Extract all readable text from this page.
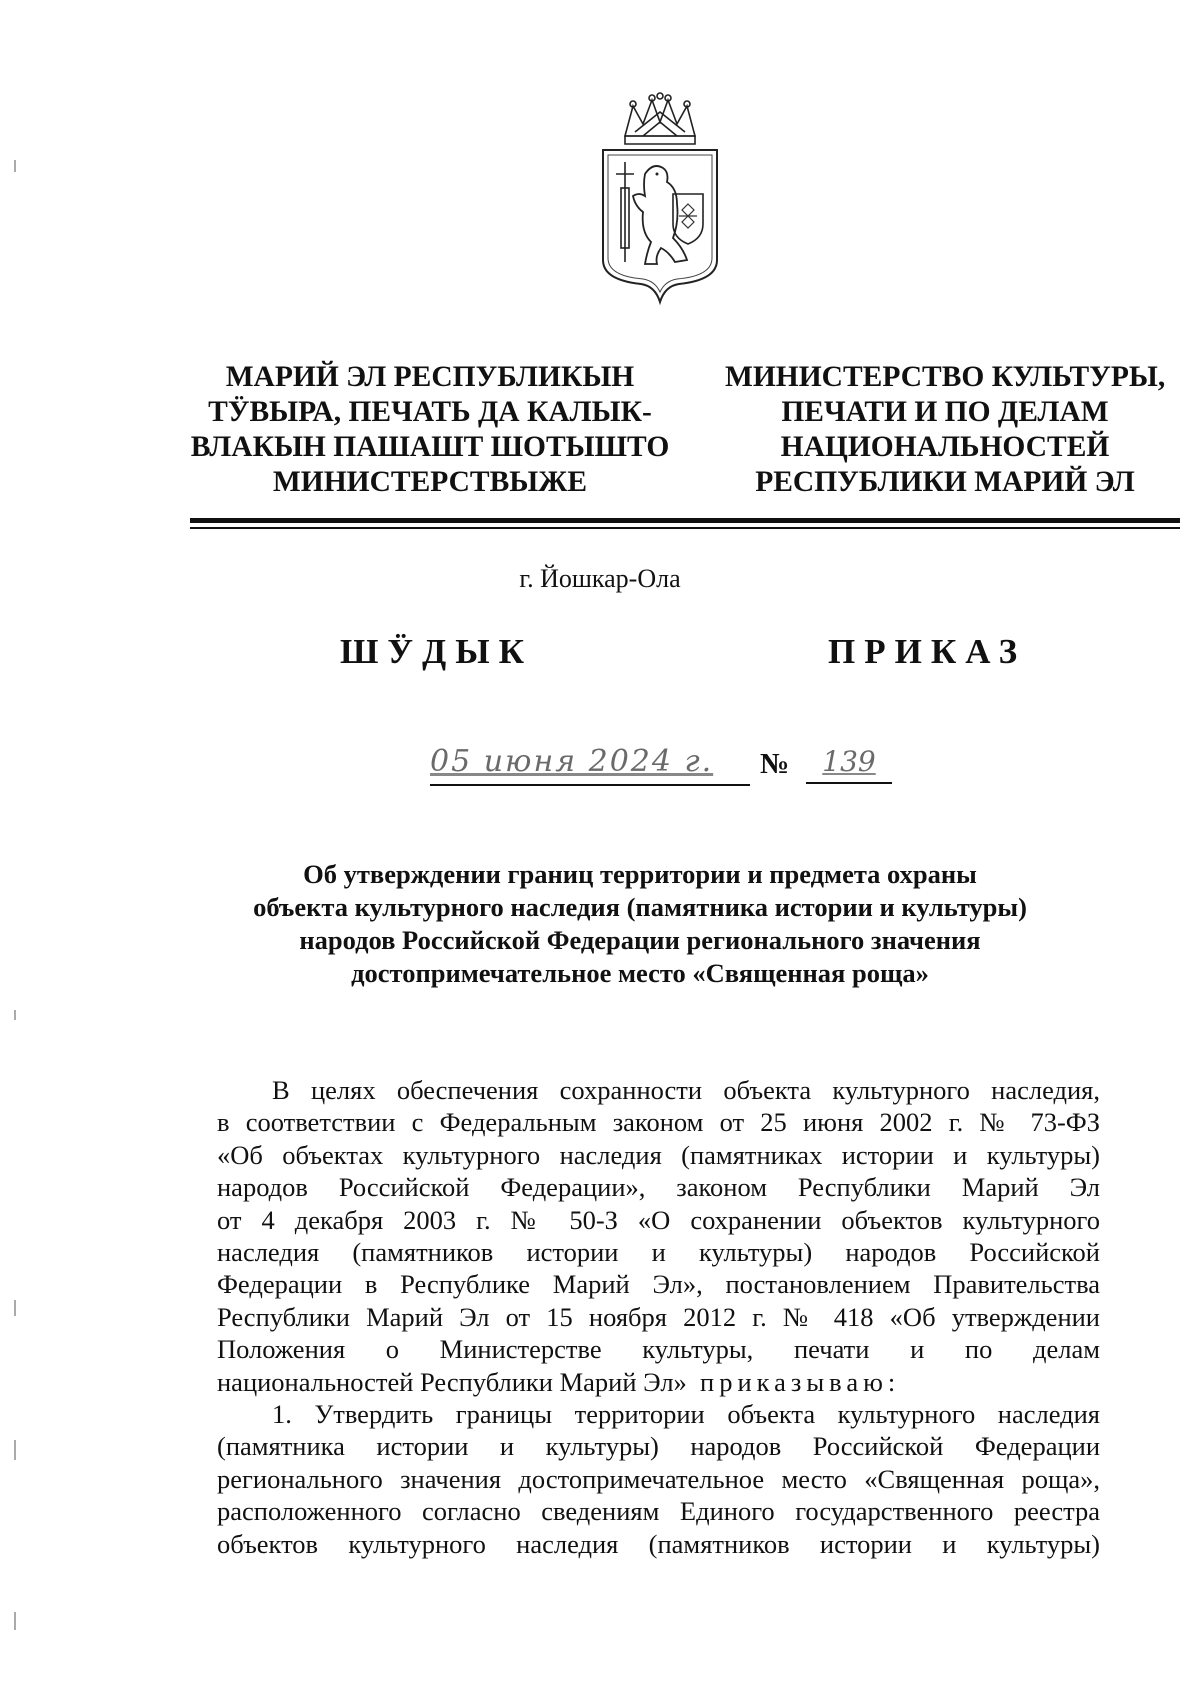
МАРИЙ ЭЛ РЕСПУБЛИКЫН
ТӰВЫРА, ПЕЧАТЬ ДА КАЛЫК-
ВЛАКЫН ПАШАШТ ШОТЫШТО
МИНИСТЕРСТВЫЖЕ
МИНИСТЕРСТВО КУЛЬТУРЫ,
ПЕЧАТИ И ПО ДЕЛАМ
НАЦИОНАЛЬНОСТЕЙ
РЕСПУБЛИКИ МАРИЙ ЭЛ
г. Йошкар-Ола
ШӰДЫК	ПРИКАЗ
05 июня 2024 г. №	139
Об утверждении границ территории и предмета охраны
объекта культурного наследия (памятника истории и культуры)
народов Российской Федерации регионального значения
достопримечательное место «Священная роща»
В целях обеспечения сохранности объекта культурного наследия,
в соответствии с Федеральным законом от 25 июня 2002 г. № 73-ФЗ
«Об объектах культурного наследия (памятниках истории и культуры)
народов Российской Федерации», законом Республики Марий Эл
от 4 декабря 2003 г. № 50-З «О сохранении объектов культурного
наследия (памятников истории и культуры) народов Российской
Федерации в Республике Марий Эл», постановлением Правительства
Республики Марий Эл от 15 ноября 2012 г. № 418 «Об утверждении
Положения о Министерстве культуры, печати и по делам
национальностей Республики Марий Эл» приказываю:
1. Утвердить границы территории объекта культурного наследия
(памятника истории и культуры) народов Российской Федерации
регионального значения достопримечательное место «Священная роща»,
расположенного согласно сведениям Единого государственного реестра
объектов культурного наследия (памятников истории и культуры)
